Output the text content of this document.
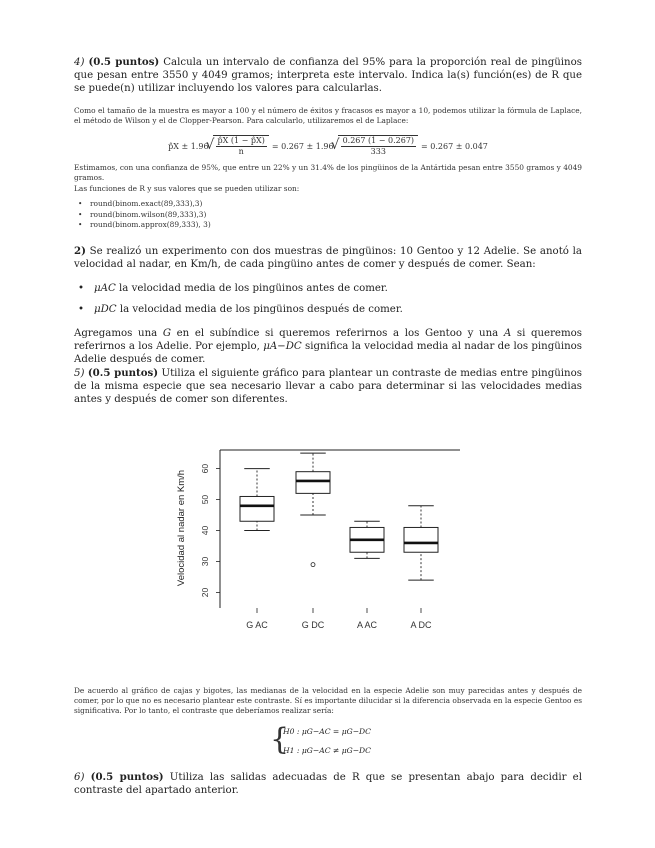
4) (0.5 puntos) Calcula un intervalo de confianza del 95% para la proporción real de pingüinos que pesan entre 3550 y 4049 gramos; interpreta este intervalo. Indica la(s) función(es) de R que se puede(n) utilizar incluyendo los valores para calcularlas.

Como el tamaño de la muestra es mayor a 100 y el número de éxitos y fracasos es mayor a 10, podemos utilizar la fórmula de Laplace, el método de Wilson y el de Clopper-Pearson. Para calcularlo, utilizaremos el de Laplace:

p̂X ± 1.96 √ $\frac{p̂X (1 - p̂X)}{n} = 0.267 \pm 1.96$ √ $\frac{0.267 (1 - 0.267)}{333} = 0.267 \pm 0.047$

Estimamos, con una confianza de 95%, que entre un 22% y un 31.4% de los pingüinos de la Antártida pesan entre 3550 gramos y 4049 gramos.

Las funciones de R y sus valores que se pueden utilizar son:

• round(binom.exact(89,333),3)
• round(binom.wilson(89,333),3)
• round(binom.approx(89,333), 3)

2) Se realizó un experimento con dos muestras de pingüinos: 10 Gentoo y 12 Adelie. Se anotó la velocidad al nadar, en Km/h, de cada pingüino antes de comer y después de comer. Sean:

• μAC la velocidad media de los pingüinos antes de comer.
• μDC la velocidad media de los pingüinos después de comer.

Agregamos una G en el subíndice si queremos referirnos a los Gentoo y una A si queremos referirnos a los Adelie. Por ejemplo, μA−DC significa la velocidad media al nadar de los pingüinos Adelie después de comer.

5) (0.5 puntos) Utiliza el siguiente gráfico para plantear un contraste de medias entre pingüinos de la misma especie que sea necesario llevar a cabo para determinar si las velocidades medias antes y después de comer son diferentes.

Velocidad al nadar en Km/h
20
30
40
50
60
G AC	G DC	A AC	A DC

De acuerdo al gráfico de cajas y bigotes, las medianas de la velocidad en la especie Adelie son muy parecidas antes y después de comer, por lo que no es necesario plantear este contraste. Sí es importante dilucidar si la diferencia observada en la especie Gentoo es significativa. Por lo tanto, el contraste que deberíamos realizar sería:

{
H0 : μG−AC = μG−DC
H1 : μG−AC ≠ μG−DC

6) (0.5 puntos) Utiliza las salidas adecuadas de R que se presentan abajo para decidir el contraste del apartado anterior.
